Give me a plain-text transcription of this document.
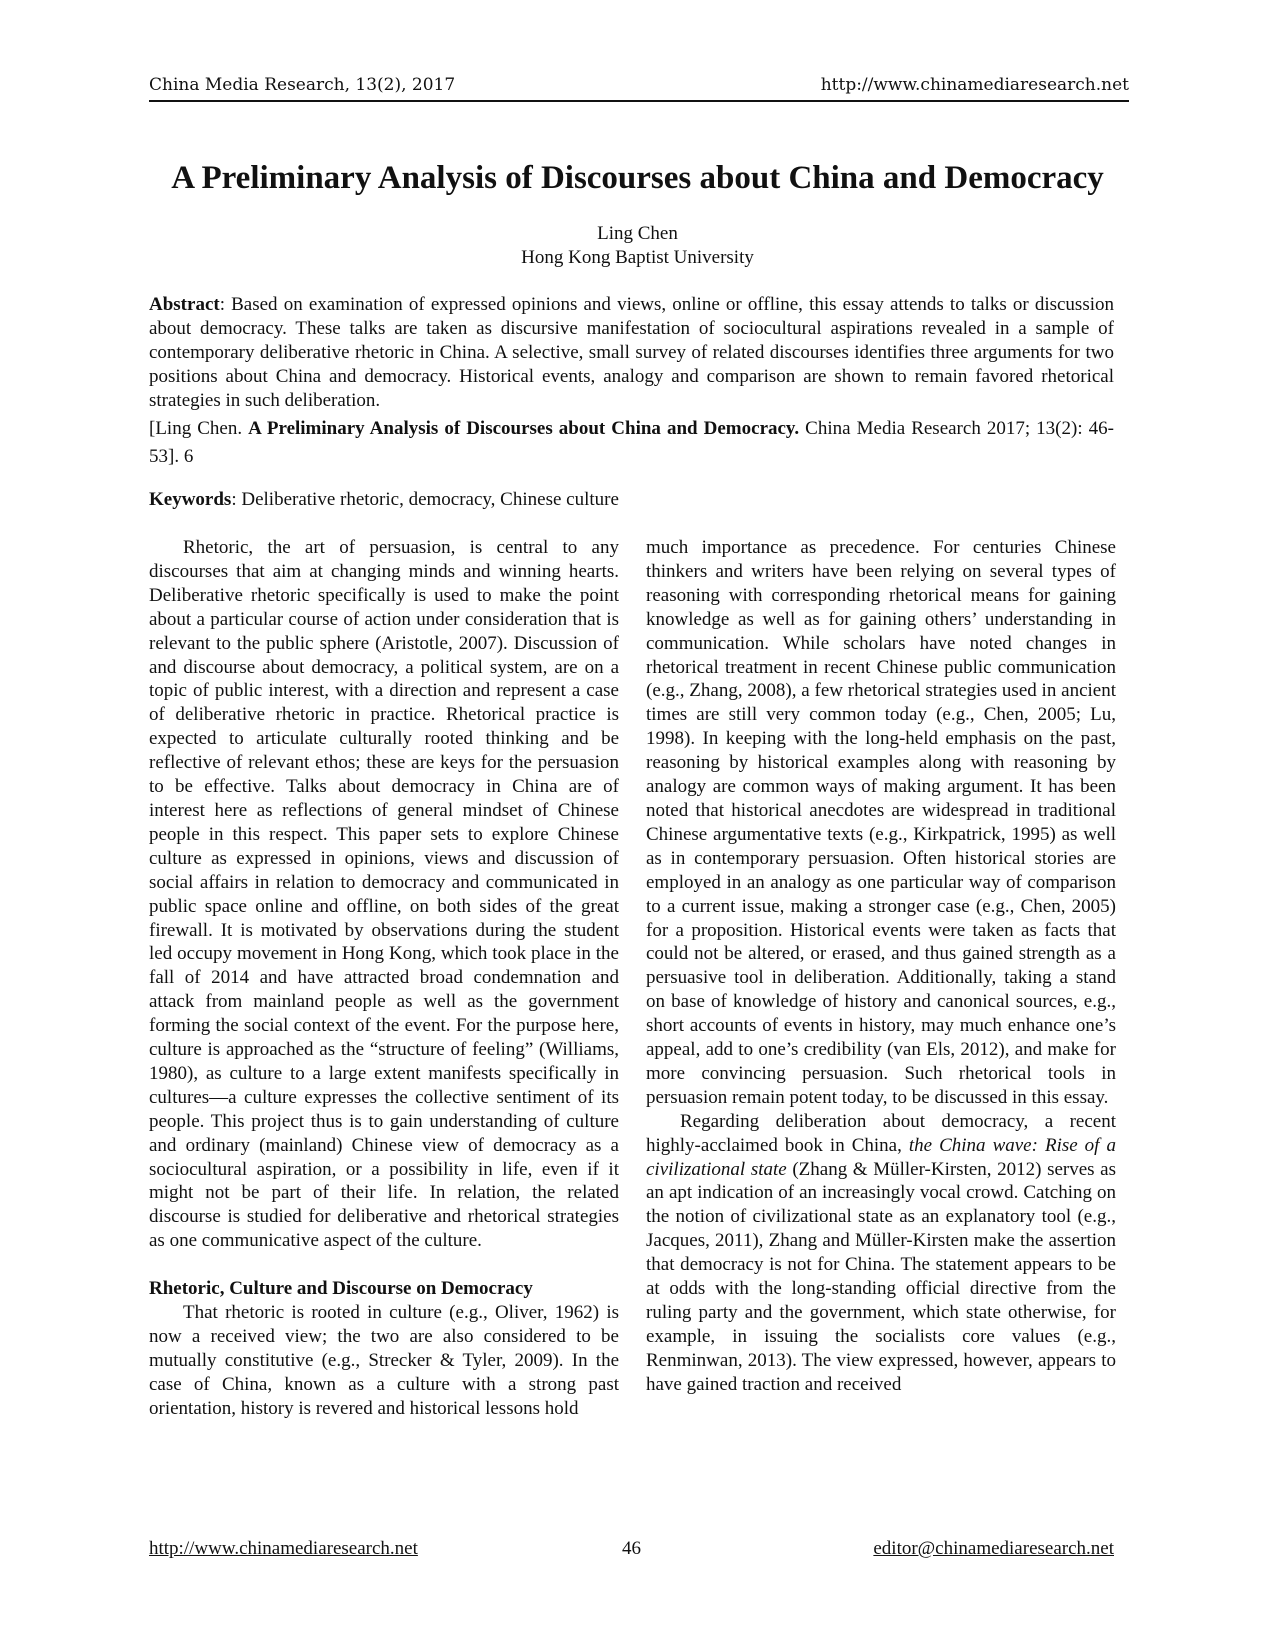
China Media Research, 13(2), 2017	http://www.chinamediaresearch.net
A Preliminary Analysis of Discourses about China and Democracy
Ling Chen
Hong Kong Baptist University
Abstract: Based on examination of expressed opinions and views, online or offline, this essay attends to talks or discussion about democracy. These talks are taken as discursive manifestation of sociocultural aspirations revealed in a sample of contemporary deliberative rhetoric in China. A selective, small survey of related discourses identifies three arguments for two positions about China and democracy. Historical events, analogy and comparison are shown to remain favored rhetorical strategies in such deliberation.
[Ling Chen. A Preliminary Analysis of Discourses about China and Democracy. China Media Research 2017; 13(2): 46-53]. 6
Keywords: Deliberative rhetoric, democracy, Chinese culture

Rhetoric, the art of persuasion, is central to any discourses that aim at changing minds and winning hearts. Deliberative rhetoric specifically is used to make the point about a particular course of action under consideration that is relevant to the public sphere (Aristotle, 2007). Discussion of and discourse about democracy, a political system, are on a topic of public interest, with a direction and represent a case of deliberative rhetoric in practice. Rhetorical practice is expected to articulate culturally rooted thinking and be reflective of relevant ethos; these are keys for the persuasion to be effective. Talks about democracy in China are of interest here as reflections of general mindset of Chinese people in this respect. This paper sets to explore Chinese culture as expressed in opinions, views and discussion of social affairs in relation to democracy and communicated in public space online and offline, on both sides of the great firewall. It is motivated by observations during the student led occupy movement in Hong Kong, which took place in the fall of 2014 and have attracted broad condemnation and attack from mainland people as well as the government forming the social context of the event. For the purpose here, culture is approached as the “structure of feeling” (Williams, 1980), as culture to a large extent manifests specifically in cultures—a culture expresses the collective sentiment of its people. This project thus is to gain understanding of culture and ordinary (mainland) Chinese view of democracy as a sociocultural aspiration, or a possibility in life, even if it might not be part of their life. In relation, the related discourse is studied for deliberative and rhetorical strategies as one communicative aspect of the culture.

Rhetoric, Culture and Discourse on Democracy

That rhetoric is rooted in culture (e.g., Oliver, 1962) is now a received view; the two are also considered to be mutually constitutive (e.g., Strecker & Tyler, 2009). In the case of China, known as a culture with a strong past orientation, history is revered and historical lessons hold

much importance as precedence. For centuries Chinese thinkers and writers have been relying on several types of reasoning with corresponding rhetorical means for gaining knowledge as well as for gaining others’ understanding in communication. While scholars have noted changes in rhetorical treatment in recent Chinese public communication (e.g., Zhang, 2008), a few rhetorical strategies used in ancient times are still very common today (e.g., Chen, 2005; Lu, 1998). In keeping with the long-held emphasis on the past, reasoning by historical examples along with reasoning by analogy are common ways of making argument. It has been noted that historical anecdotes are widespread in traditional Chinese argumentative texts (e.g., Kirkpatrick, 1995) as well as in contemporary persuasion. Often historical stories are employed in an analogy as one particular way of comparison to a current issue, making a stronger case (e.g., Chen, 2005) for a proposition. Historical events were taken as facts that could not be altered, or erased, and thus gained strength as a persuasive tool in deliberation. Additionally, taking a stand on base of knowledge of history and canonical sources, e.g., short accounts of events in history, may much enhance one’s appeal, add to one’s credibility (van Els, 2012), and make for more convincing persuasion. Such rhetorical tools in persuasion remain potent today, to be discussed in this essay.

Regarding deliberation about democracy, a recent highly-acclaimed book in China, the China wave: Rise of a civilizational state (Zhang & Müller-Kirsten, 2012) serves as an apt indication of an increasingly vocal crowd. Catching on the notion of civilizational state as an explanatory tool (e.g., Jacques, 2011), Zhang and Müller-Kirsten make the assertion that democracy is not for China. The statement appears to be at odds with the long-standing official directive from the ruling party and the government, which state otherwise, for example, in issuing the socialists core values (e.g., Renminwan, 2013). The view expressed, however, appears to have gained traction and received

http://www.chinamediaresearch.net	46	editor@chinamediaresearch.net
